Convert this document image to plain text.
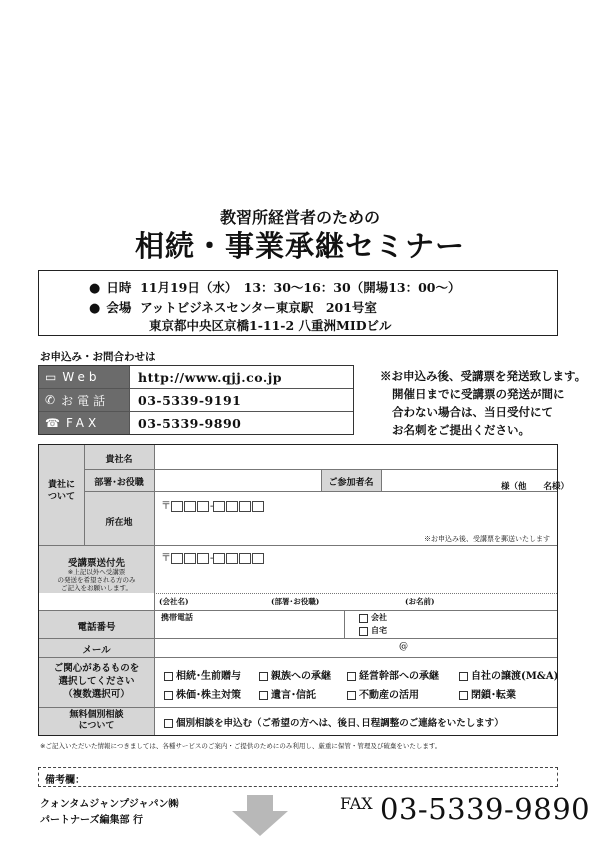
教習所経営者のための
相続・事業承継セミナー
● 日時 11月19日（水）　13：30〜16：30（開場13：00〜）
● 会場 アットビジネスセンター東京駅　201号室
東京都中央区京橋1-11-2 八重洲MIDビル
お申込み・お問合わせは
▭ Web	http://www.qjj.co.jp
✆ お電話	03-5339-9191
☎ FAX	03-5339-9890
※お申込み後、受講票を発送致します。
開催日までに受講票の発送が間に
合わない場合は、当日受付にて
お名刺をご提出ください。
貴社に
ついて
貴社名
部署･お役職	ご参加者名	様（他　　名様）
所在地
〒	-
※お申込み後、受講票を郵送いたします
受講票送付先
※上記以外へ受講票
の発送を希望される方のみ
ご記入をお願いします。
〒	-
(会社名)	(部署･お役職)	(お名前)
電話番号
携帯電話	会社
自宅
メール	@
ご関心があるものを
選択してください
（複数選択可）
相続･生前贈与	親族への承継	経営幹部への承継	自社の譲渡(M&A)
株価･株主対策	遺言･信託	不動産の活用	閉鎖･転業
無料個別相談
について	個別相談を申込む（ご希望の方へは、後日､日程調整のご連絡をいたします）
※ご記入いただいた情報につきましては、各種サービスのご案内・ご提供のためにのみ利用し、厳重に保管・管理及び破棄をいたします。
備考欄：
クォンタムジャンプジャパン㈱
パートナーズ編集部 行
FAX 03-5339-9890
